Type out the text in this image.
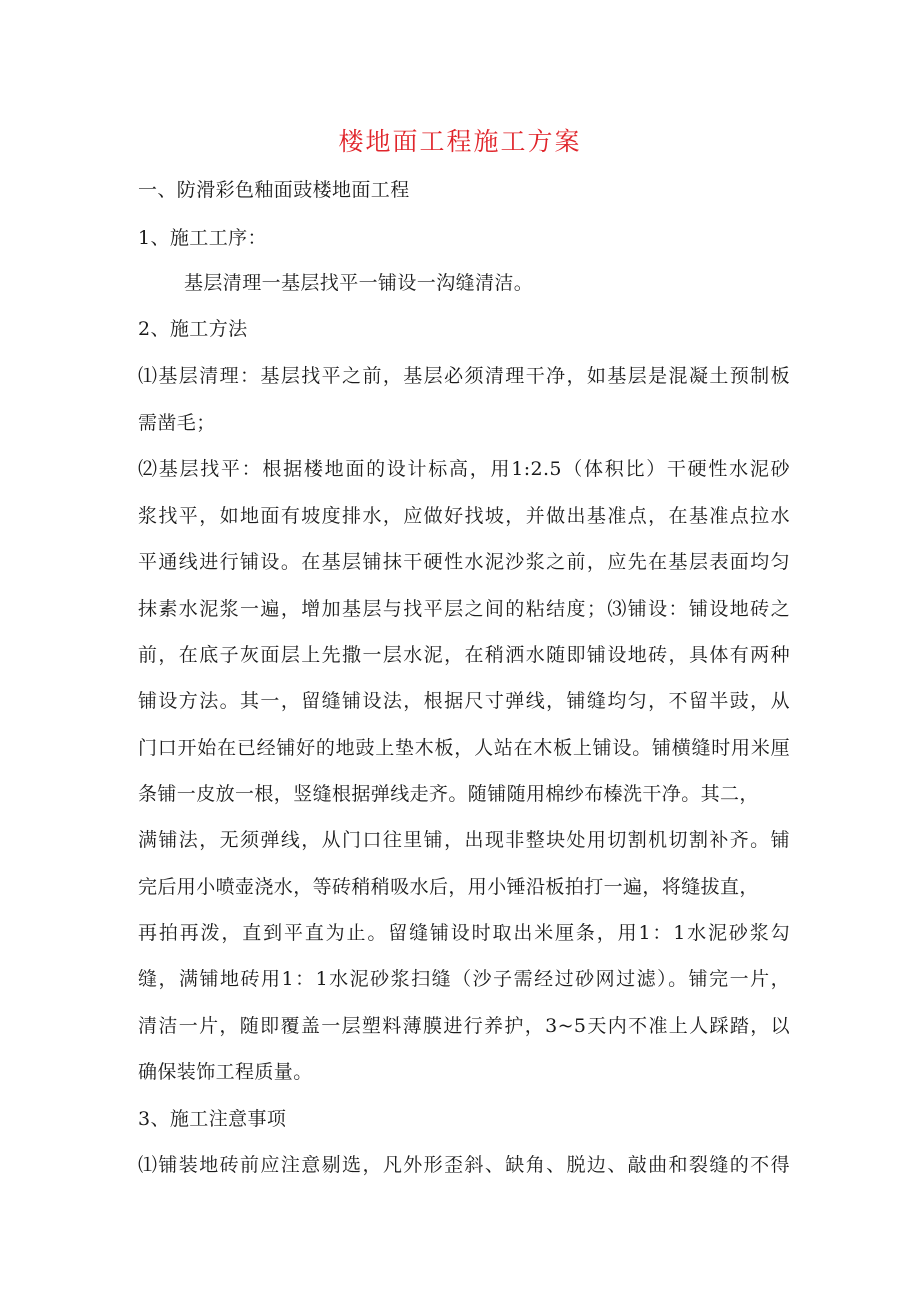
楼地面工程施工方案
一、防滑彩色釉面豉楼地面工程
1、施工工序：
基层清理一基层找平一铺设一沟缝清洁。
2、施工方法
⑴基层清理：基层找平之前，基层必须清理干净，如基层是混凝土预制板
需凿毛；
⑵基层找平：根据楼地面的设计标高，用1:2.5（体积比）干硬性水泥砂
浆找平，如地面有坡度排水，应做好找坡，并做出基准点，在基准点拉水
平通线进行铺设。在基层铺抹干硬性水泥沙浆之前，应先在基层表面均匀
抹素水泥浆一遍，增加基层与找平层之间的粘结度；⑶铺设：铺设地砖之
前，在底子灰面层上先撒一层水泥，在稍洒水随即铺设地砖，具体有两种
铺设方法。其一，留缝铺设法，根据尺寸弹线，铺缝均匀，不留半豉，从
门口开始在已经铺好的地豉上垫木板，人站在木板上铺设。铺横缝时用米厘
条铺一皮放一根，竖缝根据弹线走齐。随铺随用棉纱布榛洗干净。其二，
满铺法，无须弹线，从门口往里铺，出现非整块处用切割机切割补齐。铺
完后用小喷壶浇水，等砖稍稍吸水后，用小锤沿板拍打一遍，将缝拔直，
再拍再泼，直到平直为止。留缝铺设时取出米厘条，用1：1水泥砂浆勾
缝，满铺地砖用1：1水泥砂浆扫缝（沙子需经过砂网过滤）。铺完一片，
清洁一片，随即覆盖一层塑料薄膜进行养护，3~5天内不准上人踩踏，以
确保装饰工程质量。
3、施工注意事项
⑴铺装地砖前应注意剔选，凡外形歪斜、缺角、脱边、敲曲和裂缝的不得
